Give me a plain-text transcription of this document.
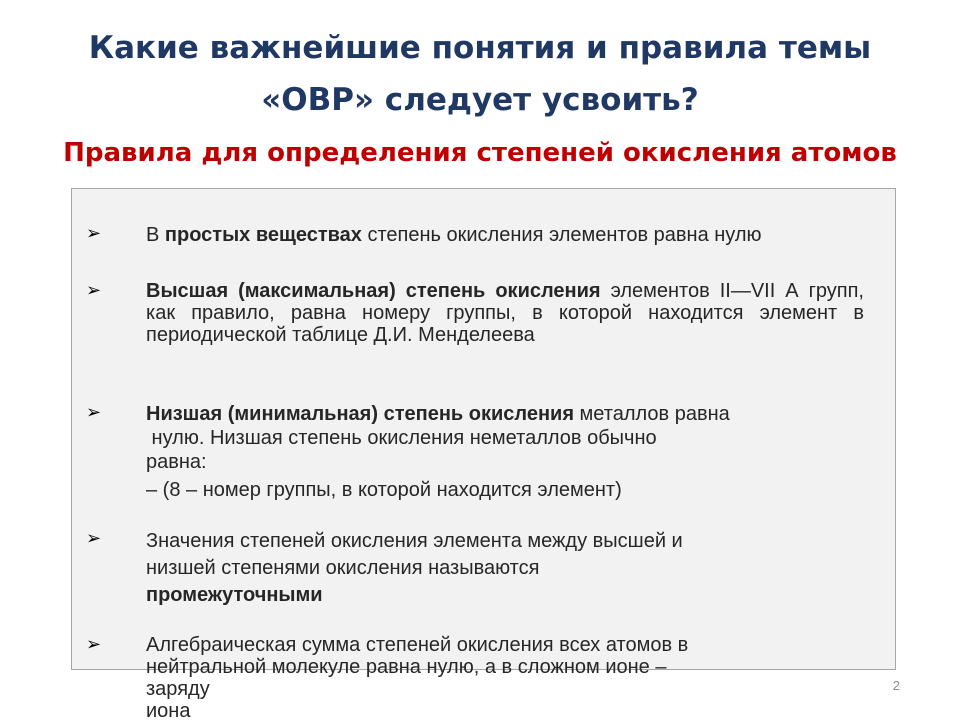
Какие важнейшие понятия и правила темы
«ОВР» следует усвоить?
Правила для определения степеней окисления атомов
➢ В простых веществах степень окисления элементов равна нулю
➢ Высшая (максимальная) степень окисления элементов II—VII А групп, как правило, равна номеру группы, в которой находится элемент в периодической таблице Д.И. Менделеева
➢ Низшая (минимальная) степень окисления металлов равна
нулю. Низшая степень окисления неметаллов обычно
равна:
‒ (8 ‒ номер группы, в которой находится элемент)
➢ Значения степеней окисления элемента между высшей и
низшей степенями окисления называются
промежуточными
➢ Алгебраическая сумма степеней окисления всех атомов в
нейтральной молекуле равна нулю, а в сложном ионе –
заряду
иона
2
